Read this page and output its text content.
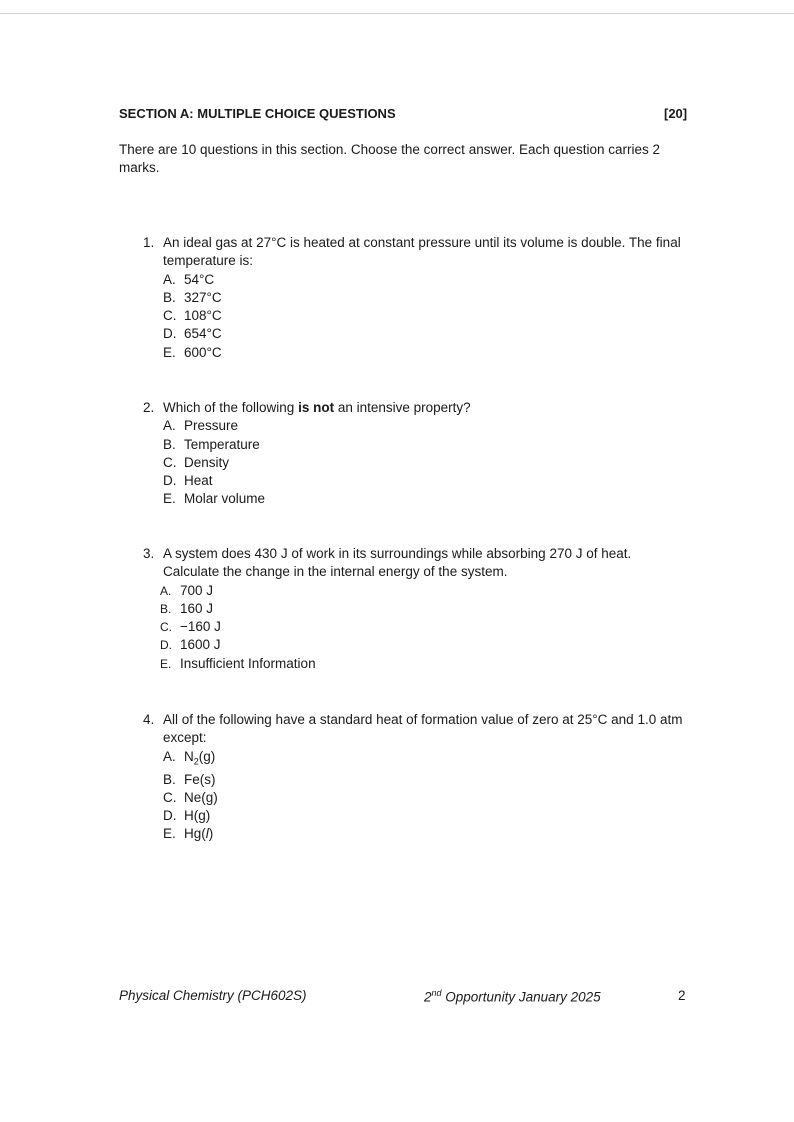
SECTION A: MULTIPLE CHOICE QUESTIONS	[20]
There are 10 questions in this section. Choose the correct answer. Each question carries 2 marks.
1. An ideal gas at 27°C is heated at constant pressure until its volume is double. The final temperature is:
A. 54°C
B. 327°C
C. 108°C
D. 654°C
E. 600°C
2. Which of the following is not an intensive property?
A. Pressure
B. Temperature
C. Density
D. Heat
E. Molar volume
3. A system does 430 J of work in its surroundings while absorbing 270 J of heat. Calculate the change in the internal energy of the system.
A. 700 J
B. 160 J
C. −160 J
D. 1600 J
E. Insufficient Information
4. All of the following have a standard heat of formation value of zero at 25°C and 1.0 atm except:
A. $N_2(g)$
B. Fe(s)
C. Ne(g)
D. H(g)
E. Hg(l)
Physical Chemistry (PCH602S)	2nd Opportunity January 2025	2
